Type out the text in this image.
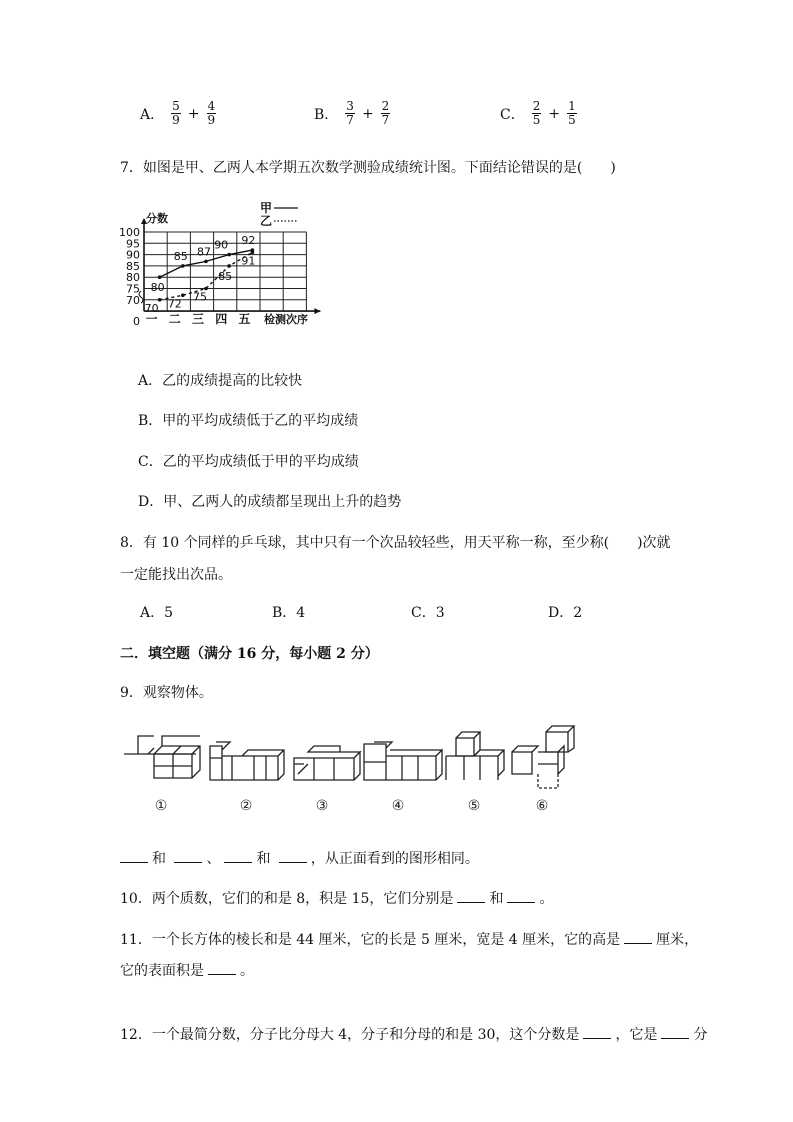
A． $\frac{5}{9} + \frac{4}{9}$	B． $\frac{3}{7} + \frac{2}{7}$	C． $\frac{2}{5} + \frac{1}{5}$
7．如图是甲、乙两人本学期五次数学测验成绩统计图。下面结论错误的是(　　)
100
95
90
85
80
75
70
0
分数
一 二 三 四 五 检测次序
甲
乙
80
85 87
90 92
70 72
75
85
91
A．乙的成绩提高的比较快
B．甲的平均成绩低于乙的平均成绩
C．乙的平均成绩低于甲的平均成绩
D．甲、乙两人的成绩都呈现出上升的趋势
8．有 10 个同样的乒乓球，其中只有一个次品较轻些，用天平称一称，至少称(　　)次就
一定能找出次品。
A．5	B．4	C．3	D．2
二．填空题（满分 16 分，每小题 2 分）
9．观察物体。
①	②	③	④	⑤	⑥
和	、	和	，从正面看到的图形相同。
10．两个质数，它们的和是 8，积是 15，它们分别是	和	。
11．一个长方体的棱长和是 44 厘米，它的长是 5 厘米，宽是 4 厘米，它的高是	厘米，
它的表面积是	。
12．一个最简分数，分子比分母大 4，分子和分母的和是 30，这个分数是	，它是	分
